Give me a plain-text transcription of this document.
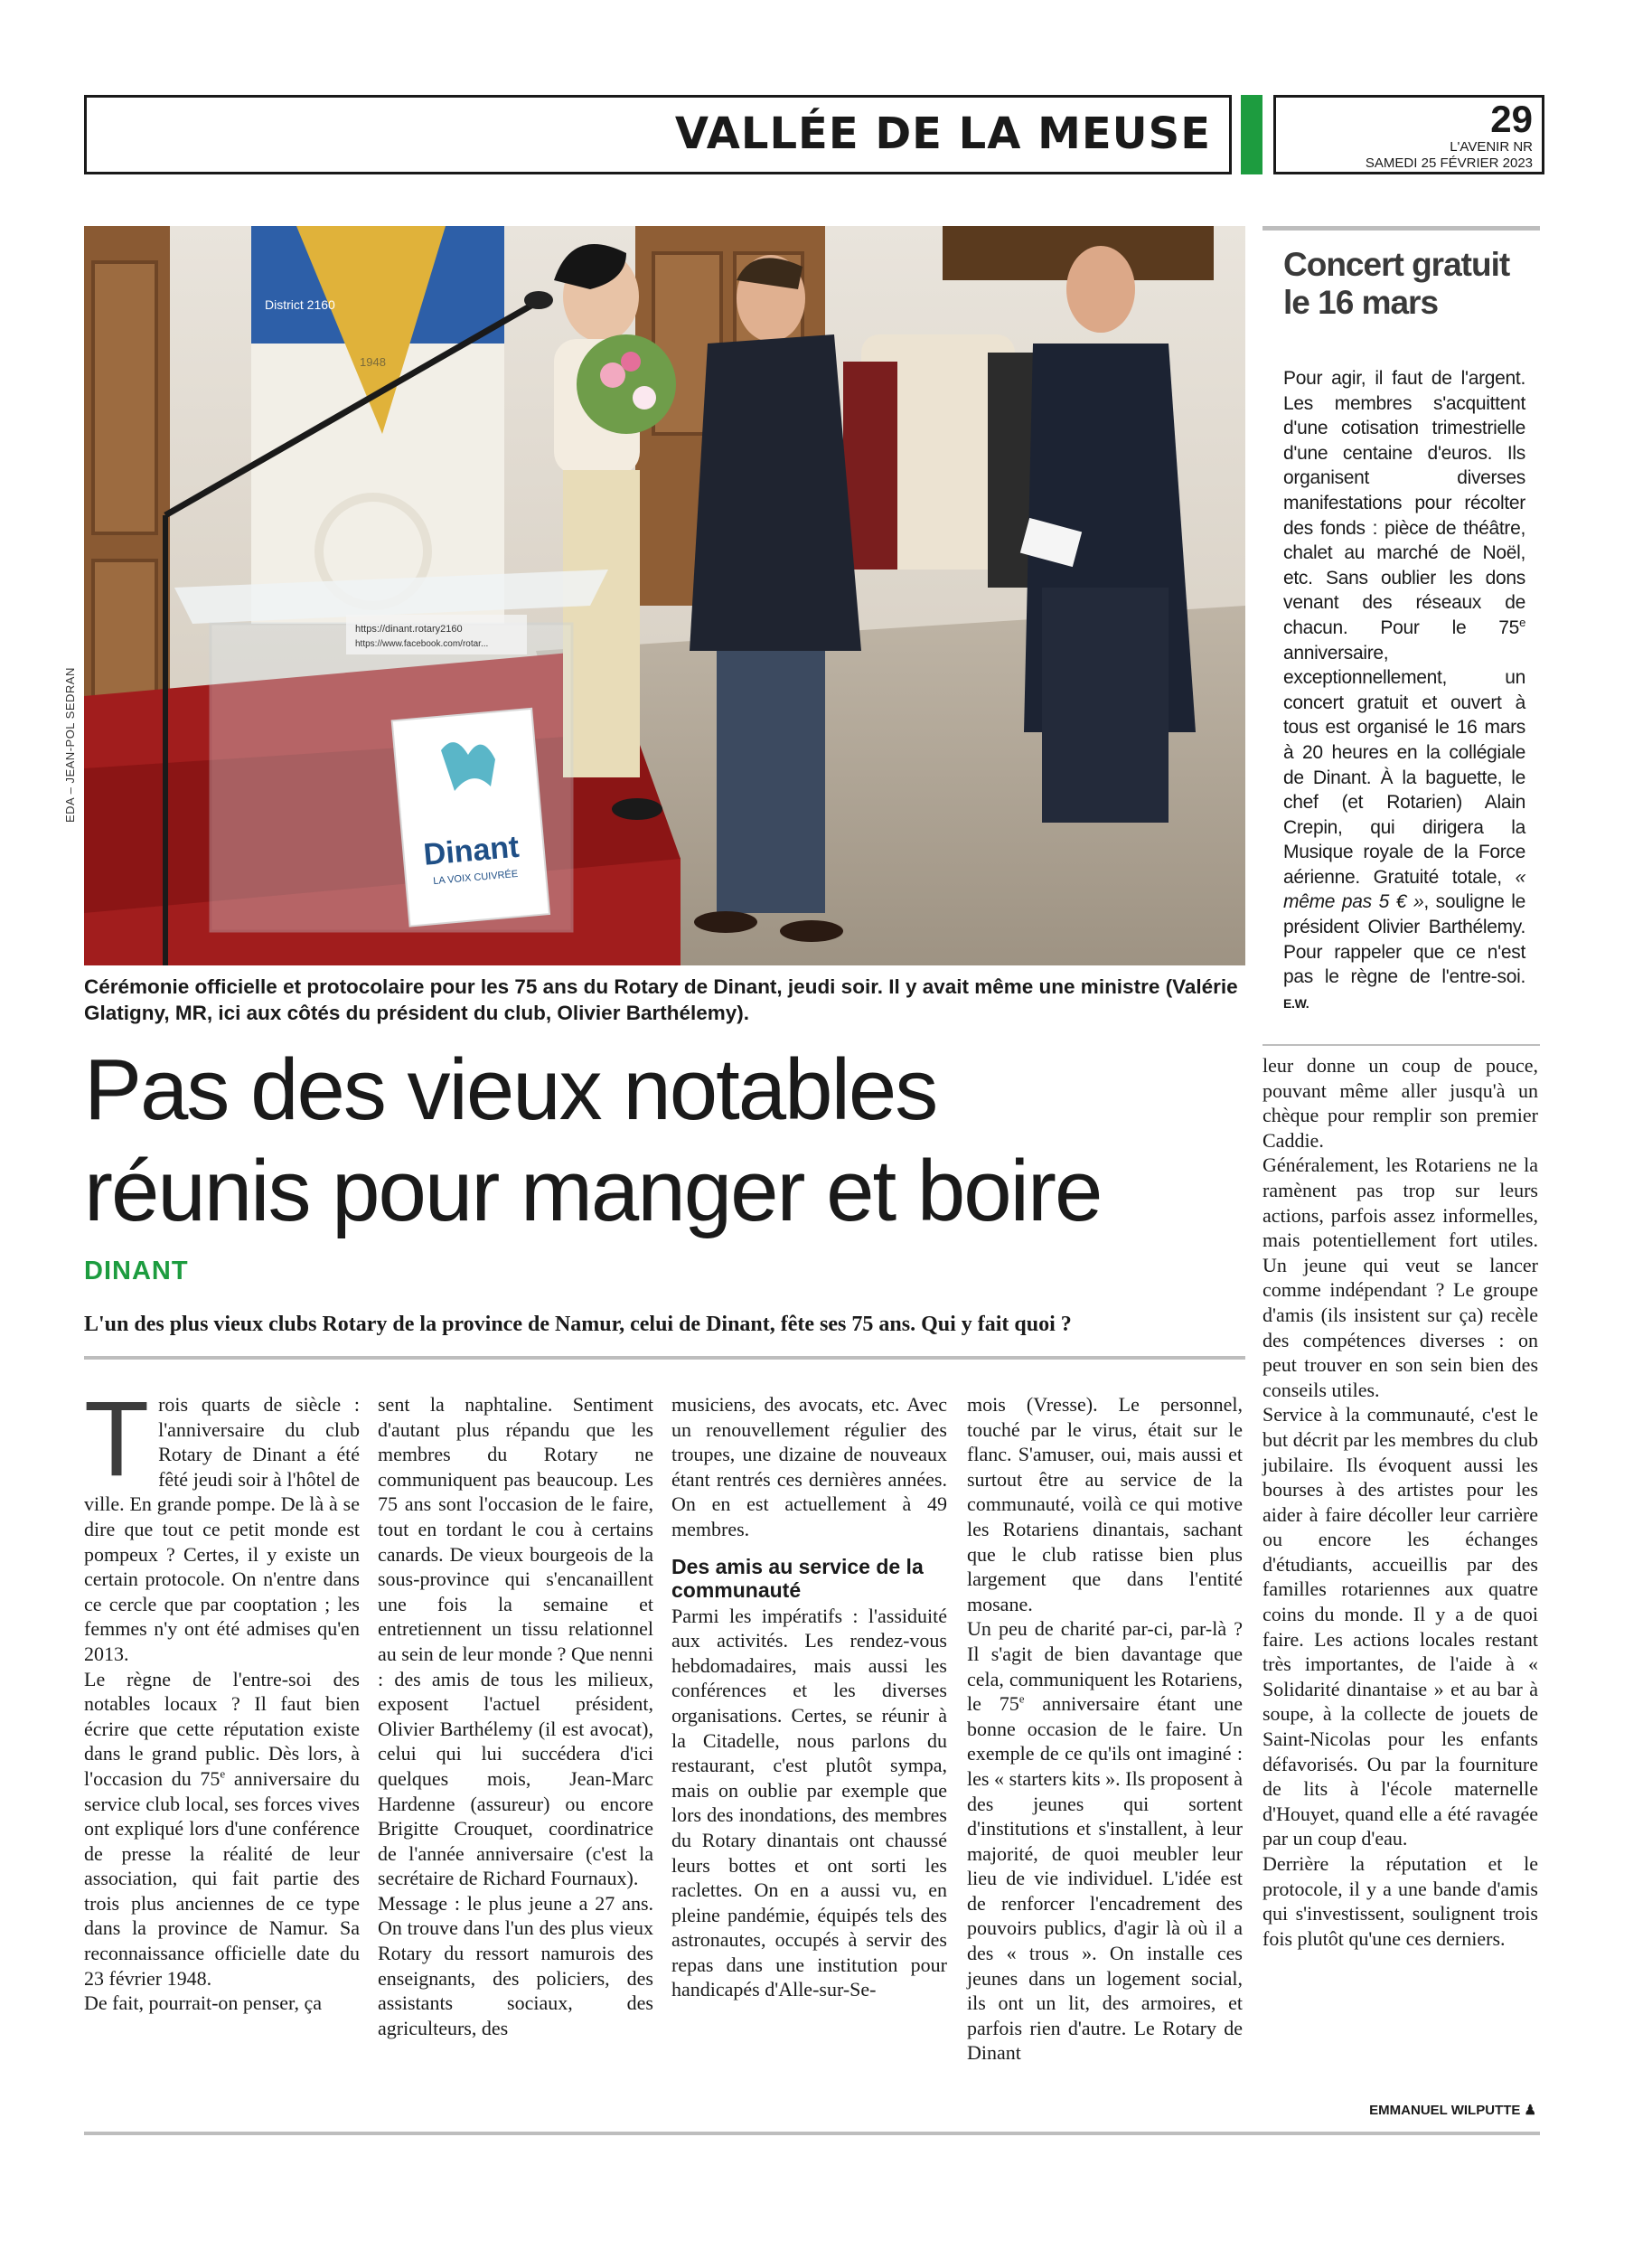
VALLÉE DE LA MEUSE	29
L'AVENIR NR
SAMEDI 25 FÉVRIER 2023
District 2160
1948
https://dinant.rotary2160
https://www.facebook.com/rotar...
Dinant
LA VOIX CUIVRÉE
EDA – JEAN-POL SEDRAN
Cérémonie officielle et protocolaire pour les 75 ans du Rotary de Dinant, jeudi soir. Il y avait même une ministre (Valérie Glatigny, MR, ici aux côtés du président du club, Olivier Barthélemy).
Pas des vieux notables
réunis pour manger et boire
DINANT
L'un des plus vieux clubs Rotary de la province de Namur, celui de Dinant, fête ses 75 ans. Qui y fait quoi ?

Trois quarts de siècle : l'anniversaire du club Rotary de Dinant a été fêté jeudi soir à l'hôtel de ville. En grande pompe. De là à se dire que tout ce petit monde est pompeux ? Certes, il y existe un certain protocole. On n'entre dans ce cercle que par cooptation ; les femmes n'y ont été admises qu'en 2013.

Le règne de l'entre-soi des notables locaux ? Il faut bien écrire que cette réputation existe dans le grand public. Dès lors, à l'occasion du 75e anniversaire du service club local, ses forces vives ont expliqué lors d'une conférence de presse la réalité de leur association, qui fait partie des trois plus anciennes de ce type dans la province de Namur. Sa reconnaissance officielle date du 23 février 1948.

De fait, pourrait-on penser, ça

sent la naphtaline. Sentiment d'autant plus répandu que les membres du Rotary ne communiquent pas beaucoup. Les 75 ans sont l'occasion de le faire, tout en tordant le cou à certains canards. De vieux bourgeois de la sous-province qui s'encanaillent une fois la semaine et entretiennent un tissu relationnel au sein de leur monde ? Que nenni : des amis de tous les milieux, exposent l'actuel président, Olivier Barthélemy (il est avocat), celui qui lui succédera d'ici quelques mois, Jean-Marc Hardenne (assureur) ou encore Brigitte Crouquet, coordinatrice de l'année anniversaire (c'est la secrétaire de Richard Fournaux).

Message : le plus jeune a 27 ans. On trouve dans l'un des plus vieux Rotary du ressort namurois des enseignants, des policiers, des assistants sociaux, des agriculteurs, des

musiciens, des avocats, etc. Avec un renouvellement régulier des troupes, une dizaine de nouveaux étant rentrés ces dernières années. On en est actuellement à 49 membres.

Des amis au service de la communauté

Parmi les impératifs : l'assiduité aux activités. Les rendez-vous hebdomadaires, mais aussi les conférences et les diverses organisations. Certes, se réunir à la Citadelle, nous parlons du restaurant, c'est plutôt sympa, mais on oublie par exemple que lors des inondations, des membres du Rotary dinantais ont chaussé leurs bottes et ont sorti les raclettes. On en a aussi vu, en pleine pandémie, équipés tels des astronautes, occupés à servir des repas dans une institution pour handicapés d'Alle-sur-Se-

mois (Vresse). Le personnel, touché par le virus, était sur le flanc. S'amuser, oui, mais aussi et surtout être au service de la communauté, voilà ce qui motive les Rotariens dinantais, sachant que le club ratisse bien plus largement que dans l'entité mosane.

Un peu de charité par-ci, par-là ? Il s'agit de bien davantage que cela, communiquent les Rotariens, le 75e anniversaire étant une bonne occasion de le faire. Un exemple de ce qu'ils ont imaginé : les « starters kits ». Ils proposent à des jeunes qui sortent d'institutions et s'installent, à leur majorité, de quoi meubler leur lieu de vie individuel. L'idée est de renforcer l'encadrement des pouvoirs publics, d'agir là où il a des « trous ». On installe ces jeunes dans un logement social, ils ont un lit, des armoires, et parfois rien d'autre. Le Rotary de Dinant

leur donne un coup de pouce, pouvant même aller jusqu'à un chèque pour remplir son premier Caddie.

Généralement, les Rotariens ne la ramènent pas trop sur leurs actions, parfois assez informelles, mais potentiellement fort utiles. Un jeune qui veut se lancer comme indépendant ? Le groupe d'amis (ils insistent sur ça) recèle des compétences diverses : on peut trouver en son sein bien des conseils utiles.

Service à la communauté, c'est le but décrit par les membres du club jubilaire. Ils évoquent aussi les bourses à des artistes pour les aider à faire décoller leur carrière ou encore les échanges d'étudiants, accueillis par des familles rotariennes aux quatre coins du monde. Il y a de quoi faire. Les actions locales restant très importantes, de l'aide à « Solidarité dinantaise » et au bar à soupe, à la collecte de jouets de Saint-Nicolas pour les enfants défavorisés. Ou par la fourniture de lits à l'école maternelle d'Houyet, quand elle a été ravagée par un coup d'eau.

Derrière la réputation et le protocole, il y a une bande d'amis qui s'investissent, soulignent trois fois plutôt qu'une ces derniers.

Concert gratuit le 16 mars
Pour agir, il faut de l'argent. Les membres s'acquittent d'une cotisation trimestrielle d'une centaine d'euros. Ils organisent diverses manifestations pour récolter des fonds : pièce de théâtre, chalet au marché de Noël, etc. Sans oublier les dons venant des réseaux de chacun. Pour le 75e anniversaire, exceptionnellement, un concert gratuit et ouvert à tous est organisé le 16 mars à 20 heures en la collégiale de Dinant. À la baguette, le chef (et Rotarien) Alain Crepin, qui dirigera la Musique royale de la Force aérienne. Gratuité totale, « même pas 5 € », souligne le président Olivier Barthélemy. Pour rappeler que ce n'est pas le règne de l'entre-soi. E.W.
EMMANUEL WILPUTTE ♟
